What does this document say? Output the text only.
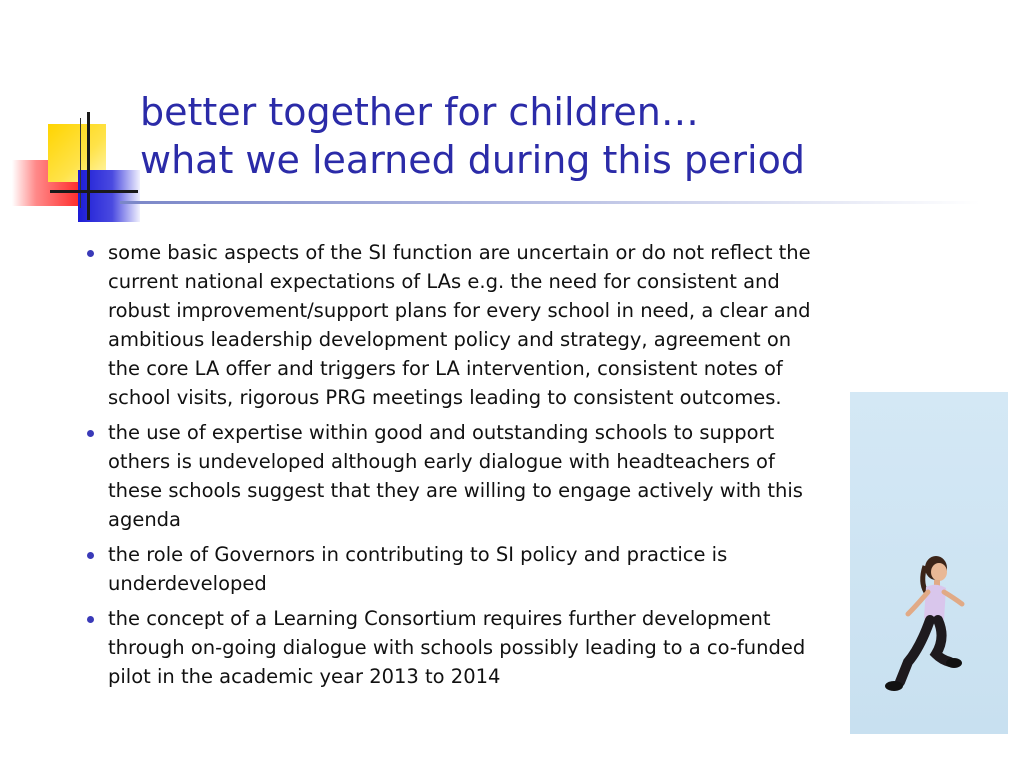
better together for children…
what we learned during this period
some basic aspects of the SI function are uncertain or do not reflect the current national expectations of LAs e.g. the need for consistent and robust improvement/support plans for every school in need, a clear and ambitious leadership development policy and strategy, agreement on the core LA offer and triggers for LA intervention, consistent notes of school visits, rigorous PRG meetings leading to consistent outcomes.
the use of expertise within good and outstanding schools to support others is undeveloped although early dialogue with headteachers of these schools suggest that they are willing to engage actively with this agenda
the role of Governors in contributing to SI policy and practice is underdeveloped
the concept of a Learning Consortium requires further development through on-going dialogue with schools possibly leading to a co-funded pilot in the academic year 2013 to 2014
